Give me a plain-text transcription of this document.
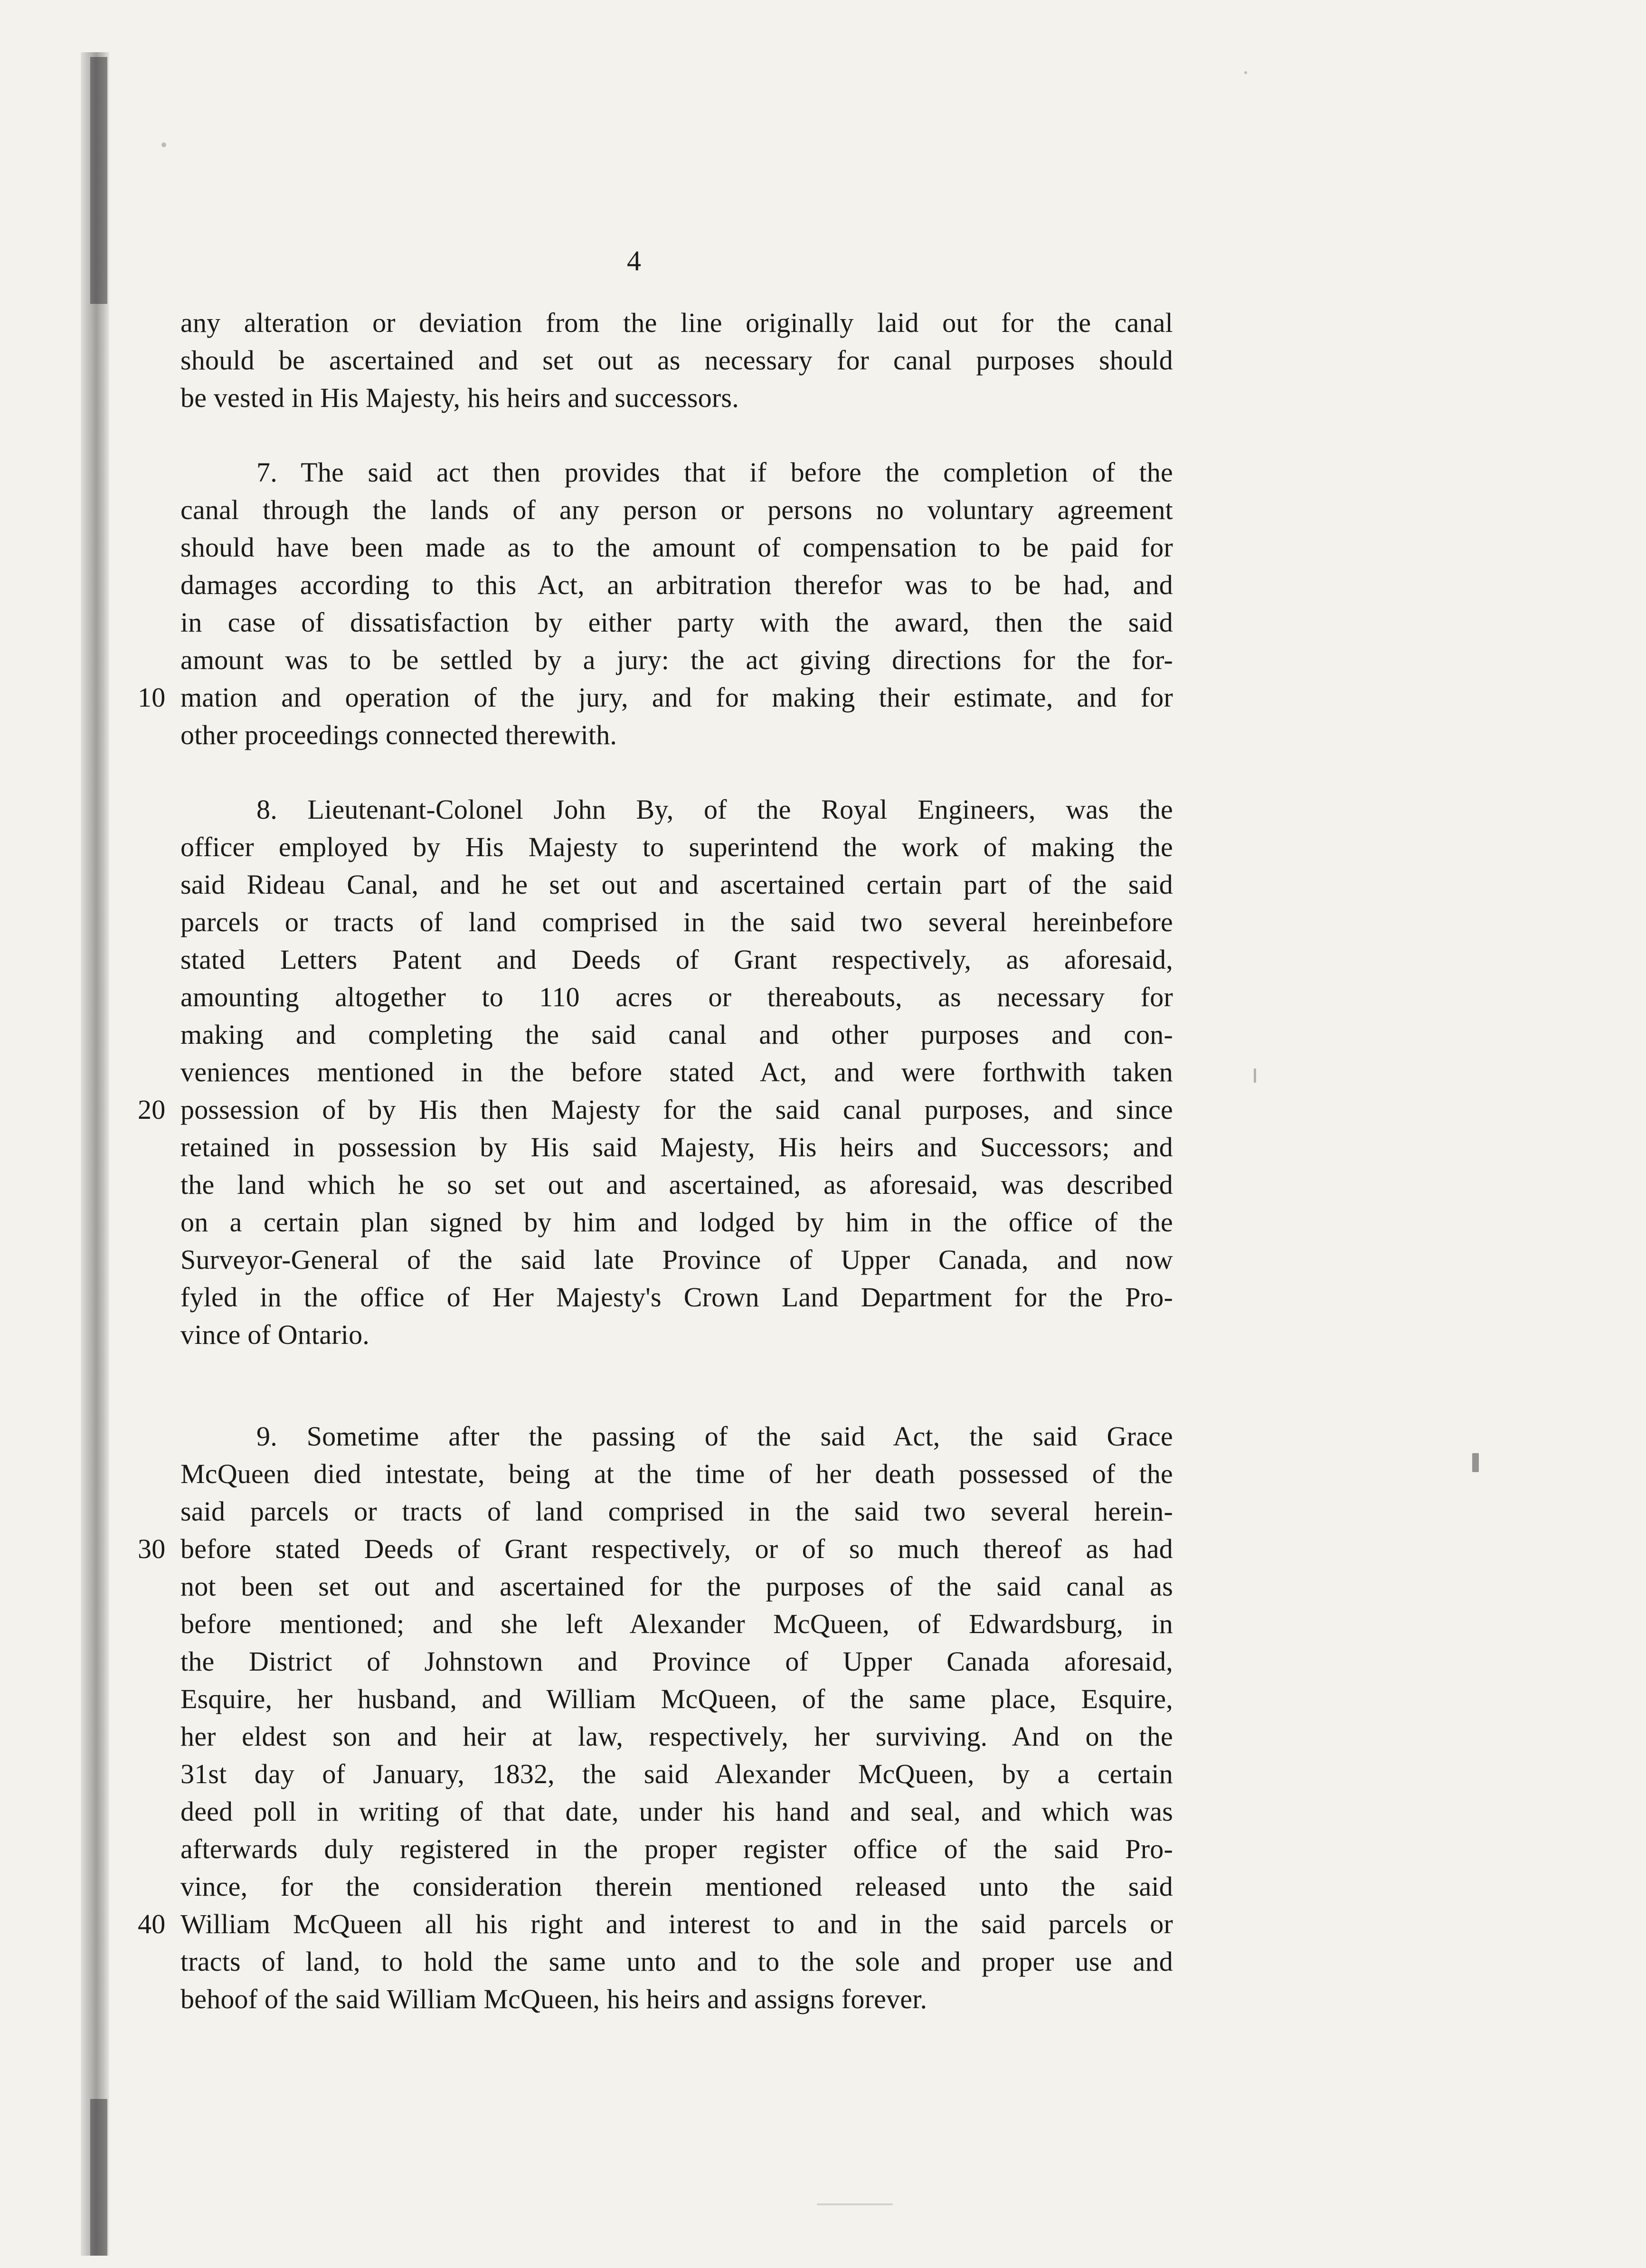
4
any alteration or deviation from the line originally laid out for the canal
should be ascertained and set out as necessary for canal purposes should
be vested in His Majesty, his heirs and successors.
7. The said act then provides that if before the completion of the
canal through the lands of any person or persons no voluntary agreement
should have been made as to the amount of compensation to be paid for
damages according to this Act, an arbitration therefor was to be had, and
in case of dissatisfaction by either party with the award, then the said
amount was to be settled by a jury: the act giving directions for the for-
10 mation and operation of the jury, and for making their estimate, and for
other proceedings connected therewith.
8. Lieutenant-Colonel John By, of the Royal Engineers, was the
officer employed by His Majesty to superintend the work of making the
said Rideau Canal, and he set out and ascertained certain part of the said
parcels or tracts of land comprised in the said two several hereinbefore
stated Letters Patent and Deeds of Grant respectively, as aforesaid,
amounting altogether to 110 acres or thereabouts, as necessary for
making and completing the said canal and other purposes and con-
veniences mentioned in the before stated Act, and were forthwith taken
20 possession of by His then Majesty for the said canal purposes, and since
retained in possession by His said Majesty, His heirs and Successors; and
the land which he so set out and ascertained, as aforesaid, was described
on a certain plan signed by him and lodged by him in the office of the
Surveyor-General of the said late Province of Upper Canada, and now
fyled in the office of Her Majesty's Crown Land Department for the Pro-
vince of Ontario.
9. Sometime after the passing of the said Act, the said Grace
McQueen died intestate, being at the time of her death possessed of the
said parcels or tracts of land comprised in the said two several herein-
30 before stated Deeds of Grant respectively, or of so much thereof as had
not been set out and ascertained for the purposes of the said canal as
before mentioned; and she left Alexander McQueen, of Edwardsburg, in
the District of Johnstown and Province of Upper Canada aforesaid,
Esquire, her husband, and William McQueen, of the same place, Esquire,
her eldest son and heir at law, respectively, her surviving. And on the
31st day of January, 1832, the said Alexander McQueen, by a certain
deed poll in writing of that date, under his hand and seal, and which was
afterwards duly registered in the proper register office of the said Pro-
vince, for the consideration therein mentioned released unto the said
40 William McQueen all his right and interest to and in the said parcels or
tracts of land, to hold the same unto and to the sole and proper use and
behoof of the said William McQueen, his heirs and assigns forever.
